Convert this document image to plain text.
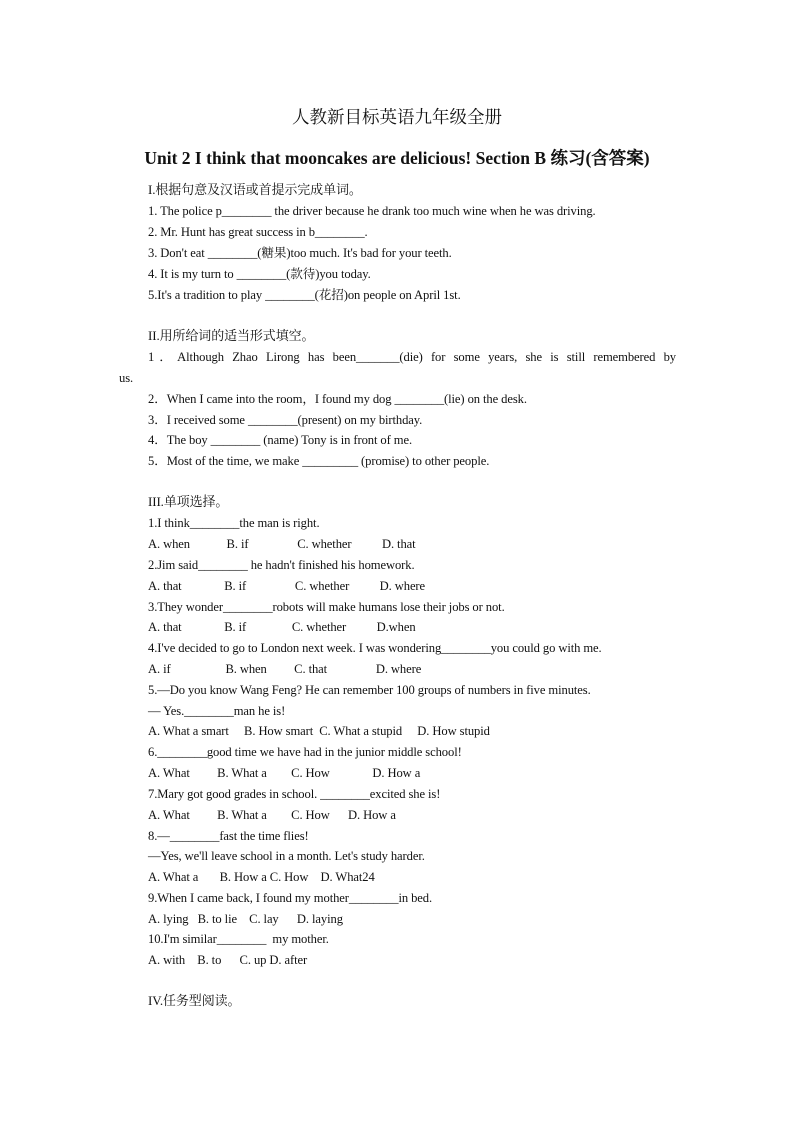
人教新目标英语九年级全册
Unit 2 I think that mooncakes are delicious! Section B 练习(含答案)
I.根据句意及汉语或首提示完成单词。
1. The police p________ the driver because he drank too much wine when he was driving.
2. Mr. Hunt has great success in b________.
3. Don't eat ________(糖果)too much. It's bad for your teeth.
4. It is my turn to ________(款待)you today.
5.It's a tradition to play ________(花招)on people on April 1st.
II.用所给词的适当形式填空。
1．Although Zhao Lirong has been_______(die) for some years, she is still remembered by
us.
2．When I came into the room，I found my dog ________(lie) on the desk.
3．I received some ________(present) on my birthday.
4．The boy ________ (name) Tony is in front of me.
5．Most of the time, we make _________ (promise) to other people.
III.单项选择。
1.I think________the man is right.
A. when            B. if                C. whether          D. that
2.Jim said________ he hadn't finished his homework.
A. that              B. if                C. whether          D. where
3.They wonder________robots will make humans lose their jobs or not.
A. that              B. if               C. whether          D.when
4.I've decided to go to London next week. I was wondering________you could go with me.
A. if                  B. when         C. that                D. where
5.—Do you know Wang Feng? He can remember 100 groups of numbers in five minutes.
— Yes.________man he is!
A. What a smart     B. How smart  C. What a stupid     D. How stupid
6.________good time we have had in the junior middle school!
A. What         B. What a        C. How              D. How a
7.Mary got good grades in school. ________excited she is!
A. What         B. What a        C. How      D. How a
8.—________fast the time flies!
—Yes, we'll leave school in a month. Let's study harder.
A. What a       B. How a C. How    D. What24
9.When I came back, I found my mother________in bed.
A. lying   B. to lie    C. lay      D. laying
10.I'm similar________  my mother.
A. with    B. to      C. up D. after
IV.任务型阅读。
